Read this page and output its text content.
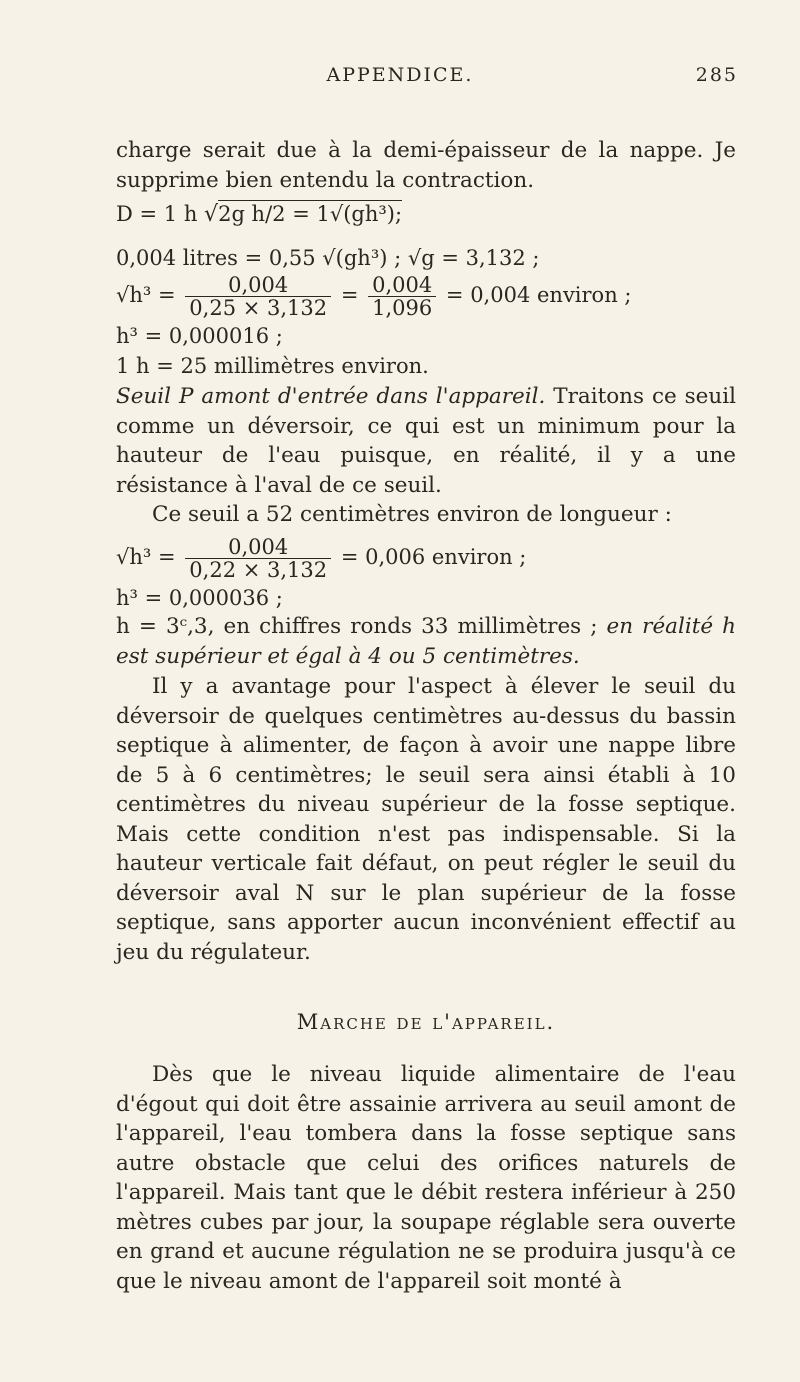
APPENDICE.	285

charge serait due à la demi-épaisseur de la nappe. Je supprime bien entendu la contraction.

D = 1 h √2g h/2 = 1√(gh³);
0,004 litres = 0,55 √(gh³) ; √g = 3,132 ;
$√h^3 = \frac{0,004}{0,25 \times 3,132} = \frac{0,004}{1,096} = 0,004$ environ ;
h³ = 0,000016 ;
1 h = 25 millimètres environ.

Seuil P amont d'entrée dans l'appareil. Traitons ce seuil comme un déversoir, ce qui est un minimum pour la hauteur de l'eau puisque, en réalité, il y a une résistance à l'aval de ce seuil.

Ce seuil a 52 centimètres environ de longueur :

$√h^3 = \frac{0,004}{0,22 \times 3,132} = 0,006$ environ ;
h³ = 0,000036 ;

h = 3ᶜ,3, en chiffres ronds 33 millimètres ; en réalité h est supérieur et égal à 4 ou 5 centimètres.

Il y a avantage pour l'aspect à élever le seuil du déversoir de quelques centimètres au-dessus du bassin septique à alimenter, de façon à avoir une nappe libre de 5 à 6 centimètres; le seuil sera ainsi établi à 10 centimètres du niveau supérieur de la fosse septique. Mais cette condition n'est pas indispensable. Si la hauteur verticale fait défaut, on peut régler le seuil du déversoir aval N sur le plan supérieur de la fosse septique, sans apporter aucun inconvénient effectif au jeu du régulateur.

Marche de l'appareil.

Dès que le niveau liquide alimentaire de l'eau d'égout qui doit être assainie arrivera au seuil amont de l'appareil, l'eau tombera dans la fosse septique sans autre obstacle que celui des orifices naturels de l'appareil. Mais tant que le débit restera inférieur à 250 mètres cubes par jour, la soupape réglable sera ouverte en grand et aucune régulation ne se produira jusqu'à ce que le niveau amont de l'appareil soit monté à
